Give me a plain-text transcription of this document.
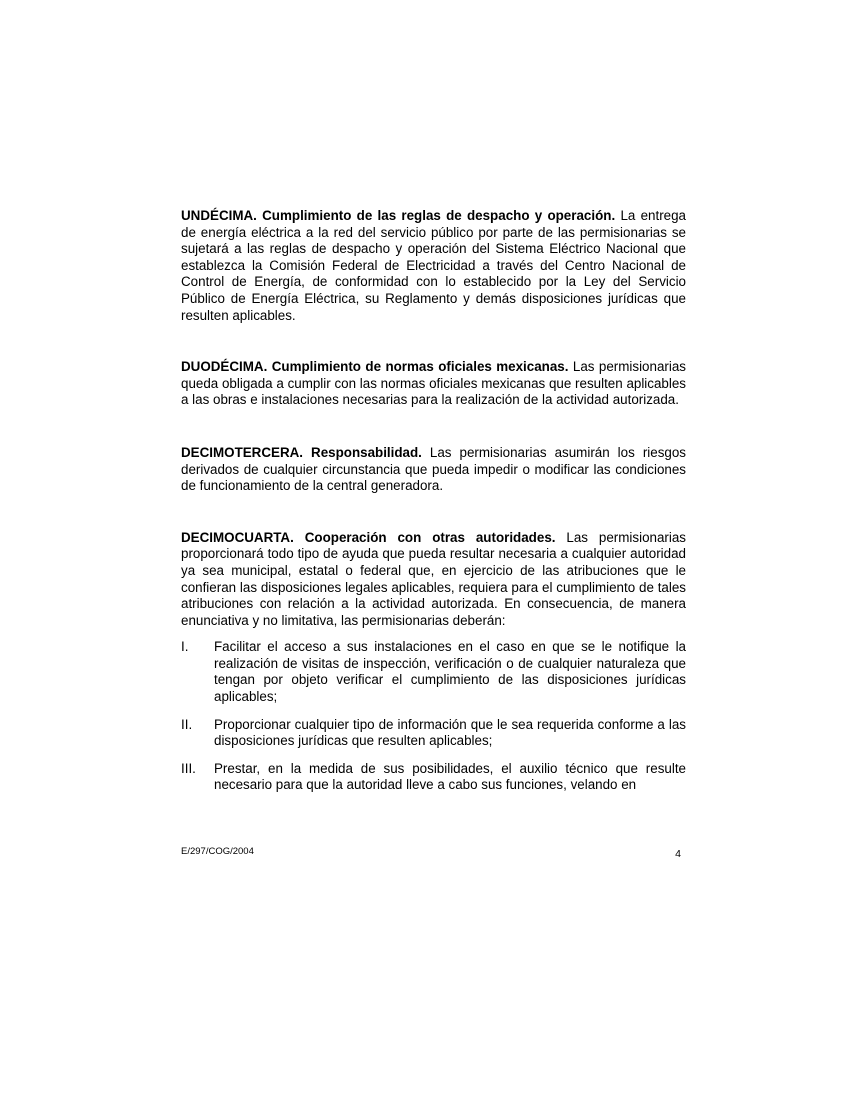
UNDÉCIMA. Cumplimiento de las reglas de despacho y operación. La entrega de energía eléctrica a la red del servicio público por parte de las permisionarias se sujetará a las reglas de despacho y operación del Sistema Eléctrico Nacional que establezca la Comisión Federal de Electricidad a través del Centro Nacional de Control de Energía, de conformidad con lo establecido por la Ley del Servicio Público de Energía Eléctrica, su Reglamento y demás disposiciones jurídicas que resulten aplicables.

DUODÉCIMA. Cumplimiento de normas oficiales mexicanas. Las permisionarias queda obligada a cumplir con las normas oficiales mexicanas que resulten aplicables a las obras e instalaciones necesarias para la realización de la actividad autorizada.

DECIMOTERCERA. Responsabilidad. Las permisionarias asumirán los riesgos derivados de cualquier circunstancia que pueda impedir o modificar las condiciones de funcionamiento de la central generadora.

DECIMOCUARTA. Cooperación con otras autoridades. Las permisionarias proporcionará todo tipo de ayuda que pueda resultar necesaria a cualquier autoridad ya sea municipal, estatal o federal que, en ejercicio de las atribuciones que le confieran las disposiciones legales aplicables, requiera para el cumplimiento de tales atribuciones con relación a la actividad autorizada. En consecuencia, de manera enunciativa y no limitativa, las permisionarias deberán:

I.	Facilitar el acceso a sus instalaciones en el caso en que se le notifique la realización de visitas de inspección, verificación o de cualquier naturaleza que tengan por objeto verificar el cumplimiento de las disposiciones jurídicas aplicables;
II.	Proporcionar cualquier tipo de información que le sea requerida conforme a las disposiciones jurídicas que resulten aplicables;
III.	Prestar, en la medida de sus posibilidades, el auxilio técnico que resulte necesario para que la autoridad lleve a cabo sus funciones, velando en
E/297/COG/2004	4
